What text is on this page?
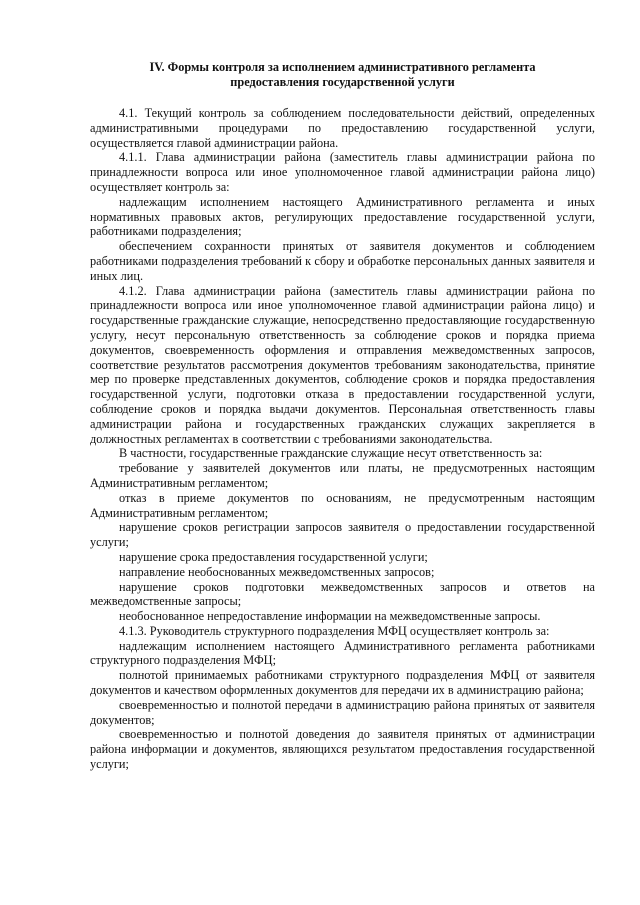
IV. Формы контроля за исполнением административного регламента
предоставления государственной услуги

4.1. Текущий контроль за соблюдением последовательности действий, определенных административными процедурами по предоставлению государственной услуги, осуществляется главой администрации района.

4.1.1. Глава администрации района (заместитель главы администрации района по принадлежности вопроса или иное уполномоченное главой администрации района лицо) осуществляет контроль за:

надлежащим исполнением настоящего Административного регламента и иных нормативных правовых актов, регулирующих предоставление государственной услуги, работниками подразделения;

обеспечением сохранности принятых от заявителя документов и соблюдением работниками подразделения требований к сбору и обработке персональных данных заявителя и иных лиц.

4.1.2. Глава администрации района (заместитель главы администрации района по принадлежности вопроса или иное уполномоченное главой администрации района лицо) и государственные гражданские служащие, непосредственно предоставляющие государственную услугу, несут персональную ответственность за соблюдение сроков и порядка приема документов, своевременность оформления и отправления межведомственных запросов, соответствие результатов рассмотрения документов требованиям законодательства, принятие мер по проверке представленных документов, соблюдение сроков и порядка предоставления государственной услуги, подготовки отказа в предоставлении государственной услуги, соблюдение сроков и порядка выдачи документов. Персональная ответственность главы администрации района и государственных гражданских служащих закрепляется в должностных регламентах в соответствии с требованиями законодательства.

В частности, государственные гражданские служащие несут ответственность за:

требование у заявителей документов или платы, не предусмотренных настоящим Административным регламентом;

отказ в приеме документов по основаниям, не предусмотренным настоящим Административным регламентом;

нарушение сроков регистрации запросов заявителя о предоставлении государственной услуги;

нарушение срока предоставления государственной услуги;

направление необоснованных межведомственных запросов;

нарушение сроков подготовки межведомственных запросов и ответов на межведомственные запросы;

необоснованное непредоставление информации на межведомственные запросы.

4.1.3. Руководитель структурного подразделения МФЦ осуществляет контроль за:

надлежащим исполнением настоящего Административного регламента работниками структурного подразделения МФЦ;

полнотой принимаемых работниками структурного подразделения МФЦ от заявителя документов и качеством оформленных документов для передачи их в администрацию района;

своевременностью и полнотой передачи в администрацию района принятых от заявителя документов;

своевременностью и полнотой доведения до заявителя принятых от администрации района информации и документов, являющихся результатом предоставления государственной услуги;
